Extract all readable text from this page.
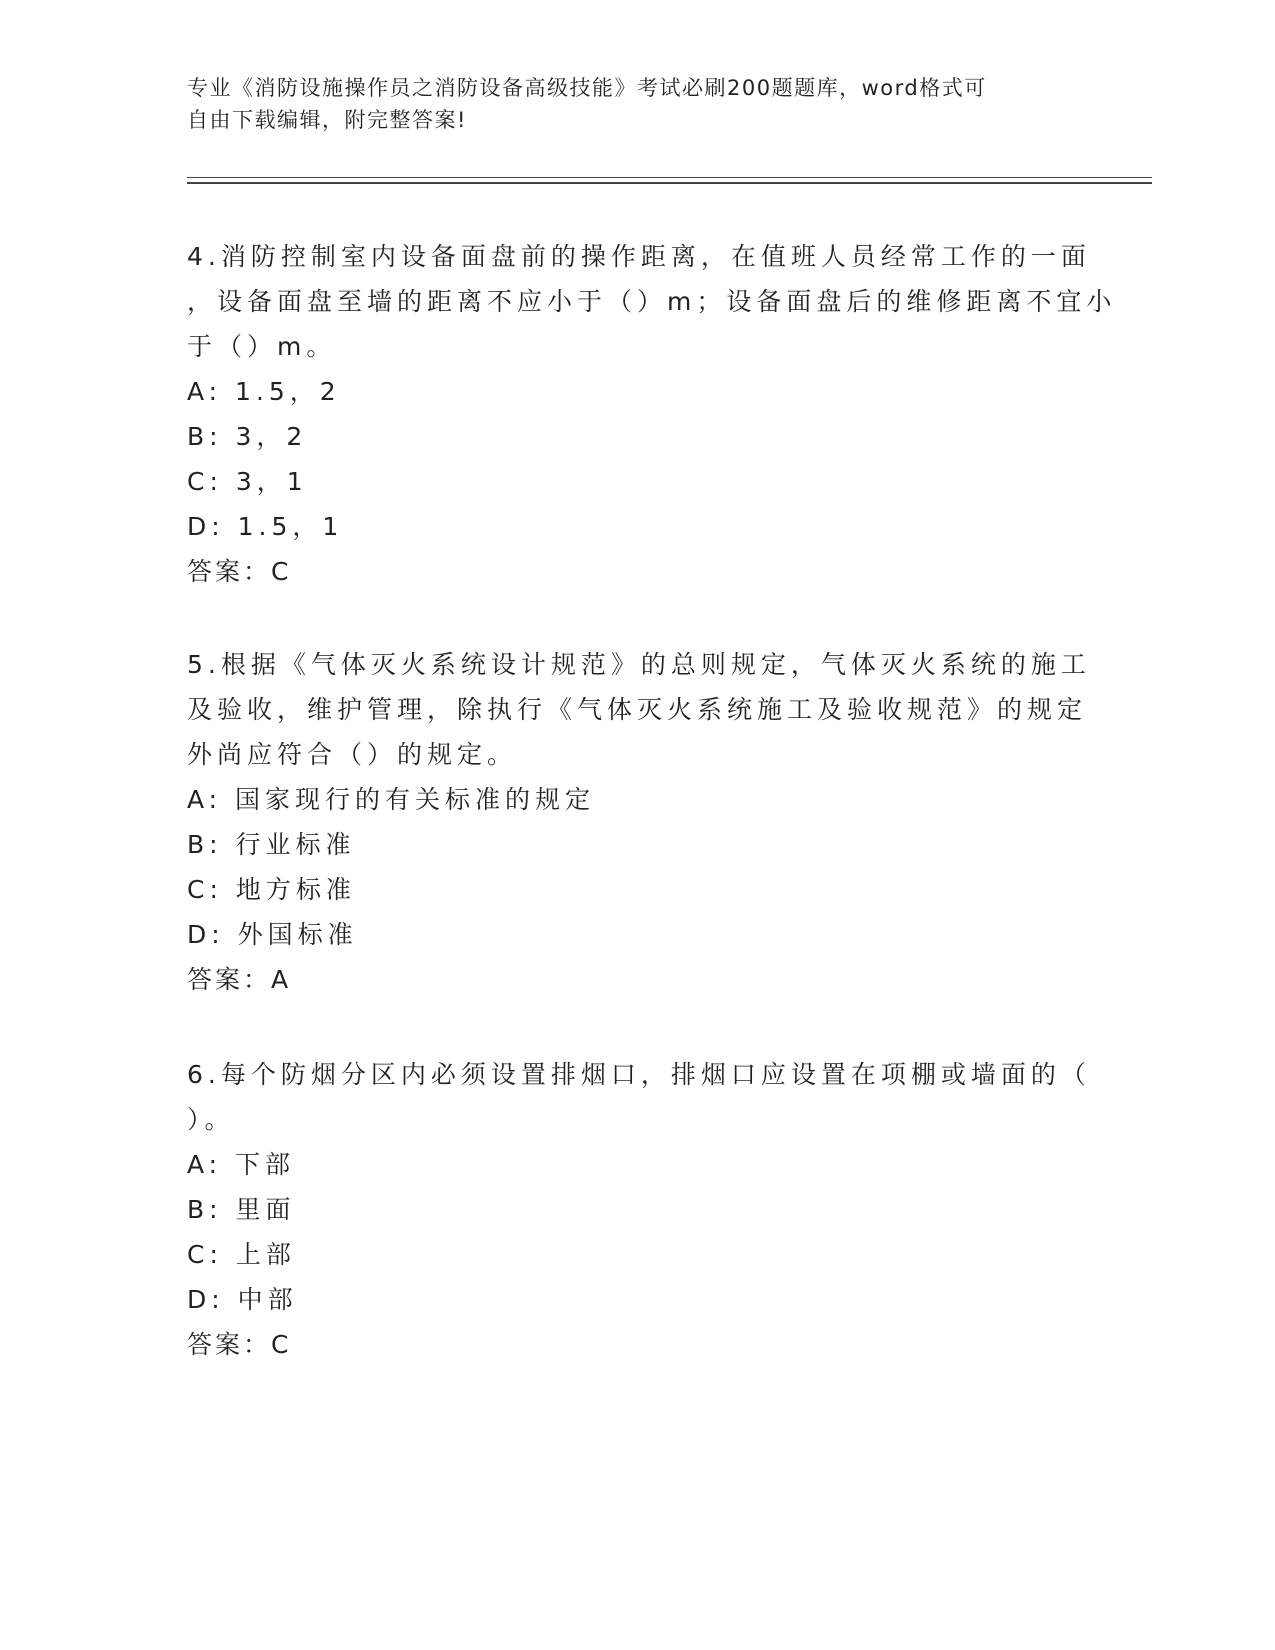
专业《消防设施操作员之消防设备高级技能》考试必刷200题题库，word格式可
自由下载编辑，附完整答案!
4.消防控制室内设备面盘前的操作距离，在值班人员经常工作的一面
，设备面盘至墙的距离不应小于（）m；设备面盘后的维修距离不宜小
于（）m。
A: 1.5，2
B: 3，2
C: 3，1
D: 1.5，1
答案：C
5.根据《气体灭火系统设计规范》的总则规定，气体灭火系统的施工
及验收，维护管理，除执行《气体灭火系统施工及验收规范》的规定
外尚应符合（）的规定。
A: 国家现行的有关标准的规定
B: 行业标准
C: 地方标准
D: 外国标准
答案：A
6.每个防烟分区内必须设置排烟口，排烟口应设置在项棚或墙面的（
）。
A: 下部
B: 里面
C: 上部
D: 中部
答案：C
